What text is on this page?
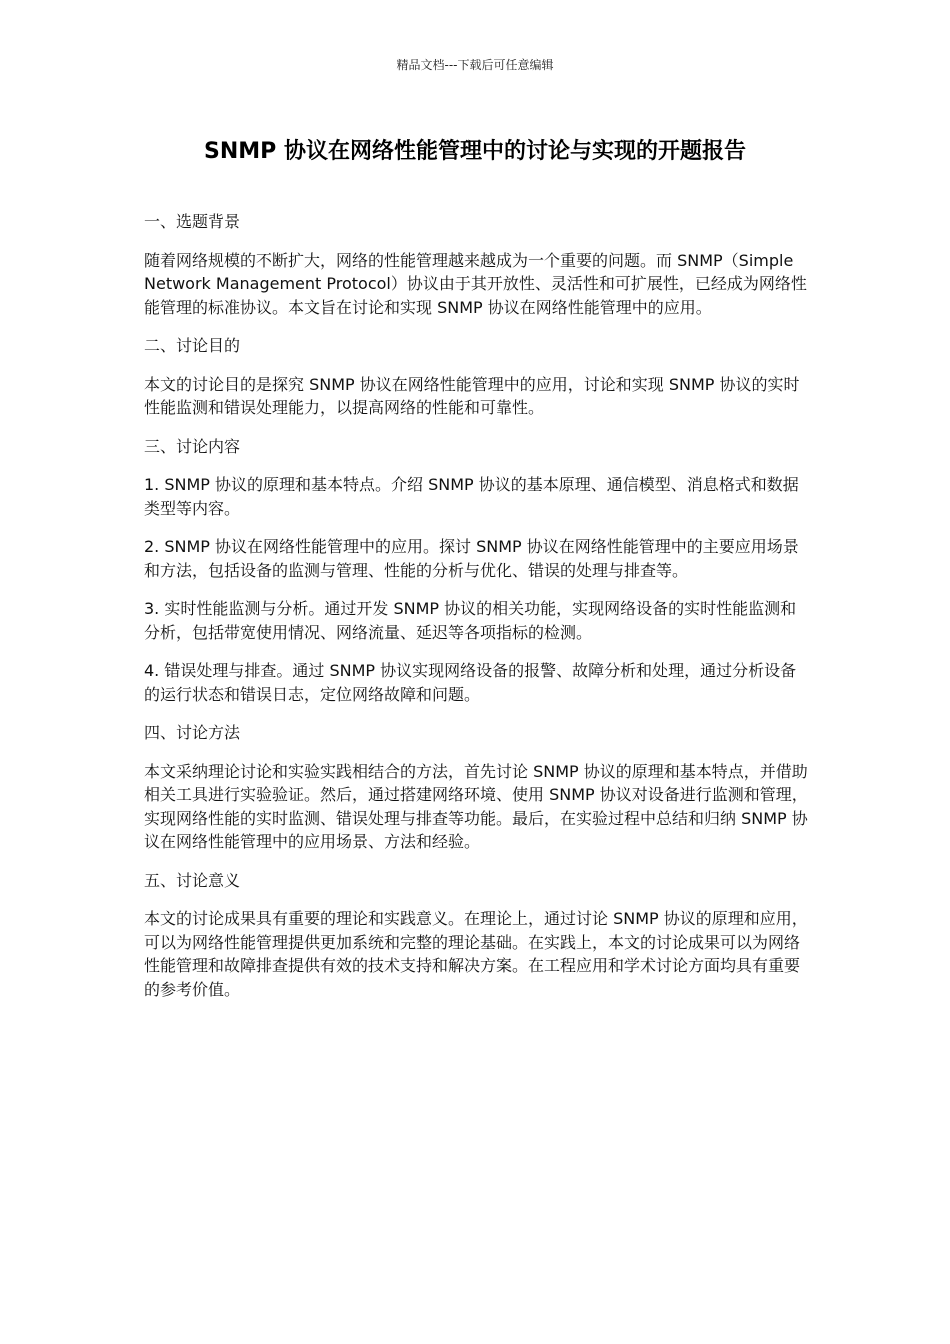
精品文档---下载后可任意编辑
SNMP 协议在网络性能管理中的讨论与实现的开题报告
一、选题背景

随着网络规模的不断扩大，网络的性能管理越来越成为一个重要的问题。而 SNMP（Simple Network Management Protocol）协议由于其开放性、灵活性和可扩展性，已经成为网络性能管理的标准协议。本文旨在讨论和实现 SNMP 协议在网络性能管理中的应用。

二、讨论目的

本文的讨论目的是探究 SNMP 协议在网络性能管理中的应用，讨论和实现 SNMP 协议的实时性能监测和错误处理能力，以提高网络的性能和可靠性。

三、讨论内容

1. SNMP 协议的原理和基本特点。介绍 SNMP 协议的基本原理、通信模型、消息格式和数据类型等内容。

2. SNMP 协议在网络性能管理中的应用。探讨 SNMP 协议在网络性能管理中的主要应用场景和方法，包括设备的监测与管理、性能的分析与优化、错误的处理与排查等。

3. 实时性能监测与分析。通过开发 SNMP 协议的相关功能，实现网络设备的实时性能监测和分析，包括带宽使用情况、网络流量、延迟等各项指标的检测。

4. 错误处理与排查。通过 SNMP 协议实现网络设备的报警、故障分析和处理，通过分析设备的运行状态和错误日志，定位网络故障和问题。

四、讨论方法

本文采纳理论讨论和实验实践相结合的方法，首先讨论 SNMP 协议的原理和基本特点，并借助相关工具进行实验验证。然后，通过搭建网络环境、使用 SNMP 协议对设备进行监测和管理，实现网络性能的实时监测、错误处理与排查等功能。最后，在实验过程中总结和归纳 SNMP 协议在网络性能管理中的应用场景、方法和经验。

五、讨论意义

本文的讨论成果具有重要的理论和实践意义。在理论上，通过讨论 SNMP 协议的原理和应用，可以为网络性能管理提供更加系统和完整的理论基础。在实践上，本文的讨论成果可以为网络性能管理和故障排查提供有效的技术支持和解决方案。在工程应用和学术讨论方面均具有重要的参考价值。
